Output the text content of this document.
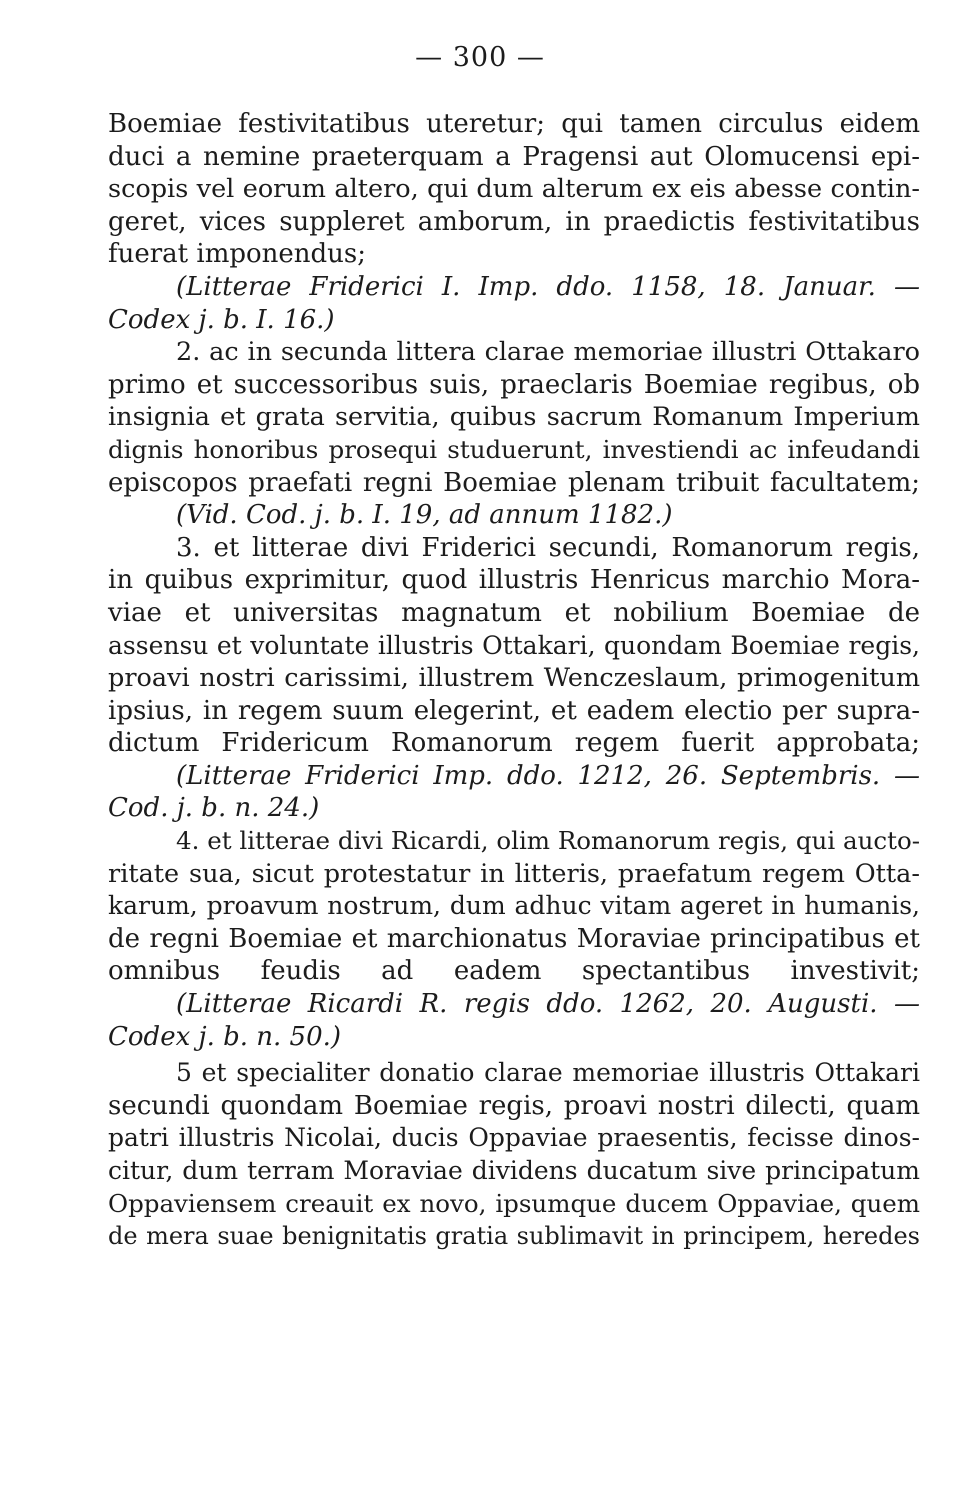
— 300 —
Boemiae festivitatibus uteretur; qui tamen circulus eidem
duci a nemine praeterquam a Pragensi aut Olomucensi epi-
scopis vel eorum altero, qui dum alterum ex eis abesse contin-
geret, vices suppleret amborum, in praedictis festivitatibus
fuerat imponendus;
(Litterae Friderici I. Imp. ddo. 1158, 18. Januar. —
Codex j. b. I. 16.)
2. ac in secunda littera clarae memoriae illustri Ottakaro
primo et successoribus suis, praeclaris Boemiae regibus, ob
insignia et grata servitia, quibus sacrum Romanum Imperium
dignis honoribus prosequi studuerunt, investiendi ac infeudandi
episcopos praefati regni Boemiae plenam tribuit facultatem;
(Vid. Cod. j. b. I. 19, ad annum 1182.)
3. et litterae divi Friderici secundi, Romanorum regis,
in quibus exprimitur, quod illustris Henricus marchio Mora-
viae et universitas magnatum et nobilium Boemiae de
assensu et voluntate illustris Ottakari, quondam Boemiae regis,
proavi nostri carissimi, illustrem Wenczeslaum, primogenitum
ipsius, in regem suum elegerint, et eadem electio per supra-
dictum Fridericum Romanorum regem fuerit approbata;
(Litterae Friderici Imp. ddo. 1212, 26. Septembris. —
Cod. j. b. n. 24.)
4. et litterae divi Ricardi, olim Romanorum regis, qui aucto-
ritate sua, sicut protestatur in litteris, praefatum regem Otta-
karum, proavum nostrum, dum adhuc vitam ageret in humanis,
de regni Boemiae et marchionatus Moraviae principatibus et
omnibus feudis ad eadem spectantibus investivit;
(Litterae Ricardi R. regis ddo. 1262, 20. Augusti. —
Codex j. b. n. 50.)
5 et specialiter donatio clarae memoriae illustris Ottakari
secundi quondam Boemiae regis, proavi nostri dilecti, quam
patri illustris Nicolai, ducis Oppaviae praesentis, fecisse dinos-
citur, dum terram Moraviae dividens ducatum sive principatum
Oppaviensem creauit ex novo, ipsumque ducem Oppaviae, quem
de mera suae benignitatis gratia sublimavit in principem, heredes
